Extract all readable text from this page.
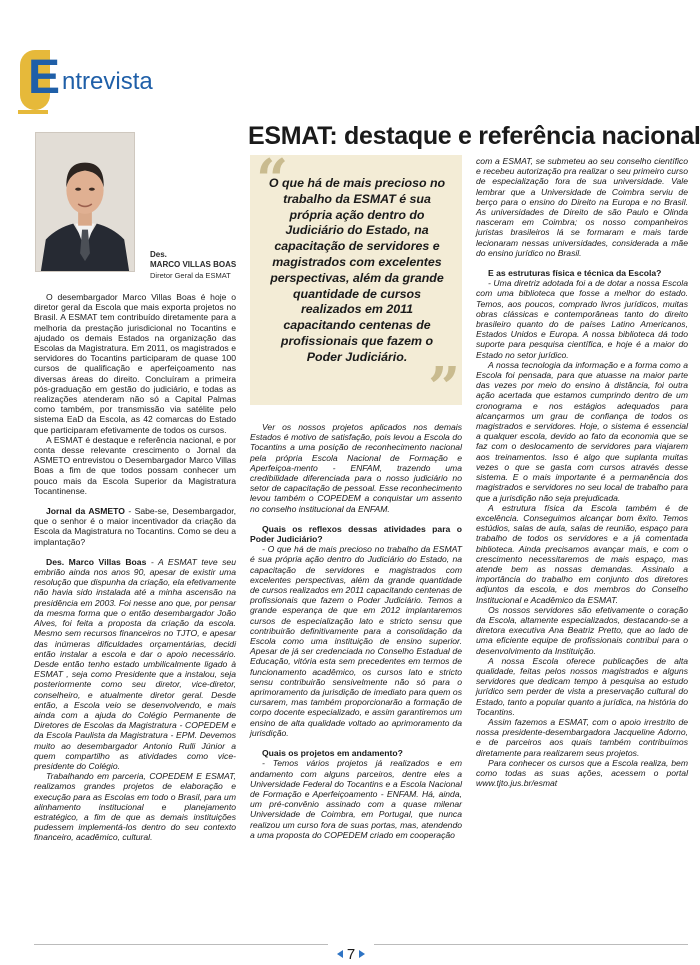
E ntrevista
ESMAT: destaque e referência nacional
Des.
MARCO VILLAS BOAS
Diretor Geral da ESMAT

O desembargador Marco Villas Boas é hoje o diretor geral da Escola que mais exporta projetos no Brasil. A ESMAT tem contribuído diretamente para a melhoria da prestação jurisdicional no Tocantins e ajudado os demais Estados na organização das Escolas da Magistratura. Em 2011, os magistrados e servidores do Tocantins participaram de quase 100 cursos de qualificação e aperfeiçoamento nas diversas áreas do direito. Concluíram a primeira pós-graduação em gestão do judiciário, e todas as realizações atenderam não só a Capital Palmas como também, por transmissão via satélite pelo sistema EaD da Escola, as 42 comarcas do Estado que participaram efetivamente de todos os cursos.

A ESMAT é destaque e referência nacional, e por conta desse relevante crescimento o Jornal da ASMETO entrevistou o Desembargador Marco Villas Boas a fim de que todos possam conhecer um pouco mais da Escola Superior da Magistratura Tocantinense.

Jornal da ASMETO - Sabe-se, Desembargador, que o senhor é o maior incentivador da criação da Escola da Magistratura no Tocantins. Como se deu a implantação?

Des. Marco Villas Boas - A ESMAT teve seu embrião ainda nos anos 90, apesar de existir uma resolução que dispunha da criação, ela efetivamente não havia sido instalada até a minha ascensão na presidência em 2003. Foi nesse ano que, por pensar da mesma forma que o então desembargador João Alves, foi feita a proposta da criação da escola. Mesmo sem recursos financeiros no TJTO, e apesar das inúmeras dificuldades orçamentárias, decidi então instalar a escola e dar o apoio necessário. Desde então tenho estado umbilicalmente ligado à ESMAT , seja como Presidente que a instalou, seja posteriormente como seu diretor, vice-diretor, conselheiro, e atualmente diretor geral. Desde então, a Escola veio se desenvolvendo, e mais ainda com a ajuda do Colégio Permanente de Diretores de Escolas da Magistratura - COPEDEM e da Escola Paulista da Magistratura - EPM. Devemos muito ao desembargador Antonio Rulli Júnior a quem compartilho as atividades como vice-presidente do Colégio.

Trabalhando em parceria, COPEDEM E ESMAT, realizamos grandes projetos de elaboração e execução para as Escolas em todo o Brasil, para um alinhamento institucional e planejamento estratégico, a fim de que as demais instituições pudessem implementá-los dentro do seu contexto financeiro, acadêmico, cultural.

“
O que há de mais precioso no trabalho da ESMAT é sua própria ação dentro do Judiciário do Estado, na capacitação de servidores e magistrados com excelentes perspectivas, além da grande quantidade de cursos realizados em 2011 capacitando centenas de profissionais que fazem o Poder Judiciário. ”

Ver os nossos projetos aplicados nos demais Estados é motivo de satisfação, pois levou a Escola do Tocantins a uma posição de reconhecimento nacional pela própria Escola Nacional de Formação e Aperfeiçoa-mento - ENFAM, trazendo uma credibilidade diferenciada para o nosso judiciário no setor de capacitação de pessoal. Esse reconhecimento levou também o COPEDEM a conquistar um assento no conselho institucional da ENFAM.

Quais os reflexos dessas atividades para o Poder Judiciário?

- O que há de mais precioso no trabalho da ESMAT é sua própria ação dentro do Judiciário do Estado, na capacitação de servidores e magistrados com excelentes perspectivas, além da grande quantidade de cursos realizados em 2011 capacitando centenas de profissionais que fazem o Poder Judiciário. Temos a grande esperança de que em 2012 implantaremos cursos de especialização lato e stricto sensu que contribuirão definitivamente para a consolidação da Escola como uma instituição de ensino superior. Apesar de já ser credenciada no Conselho Estadual de Educação, vitória esta sem precedentes em termos de funcionamento acadêmico, os cursos lato e stricto sensu contribuirão sensivelmente não só para o aprimoramento da jurisdição de imediato para quem os cursarem, mas também proporcionarão a formação de corpo docente especializado, e assim garantiremos um ensino de alta qualidade voltado ao aprimoramento da jurisdição.

Quais os projetos em andamento?

- Temos vários projetos já realizados e em andamento com alguns parceiros, dentre eles a Universidade Federal do Tocantins e a Escola Nacional de Formação e Aperfeiçoamento - ENFAM. Há, ainda, um pré-convênio assinado com a quase milenar Universidade de Coimbra, em Portugal, que nunca realizou um curso fora de suas portas, mas, atendendo a uma proposta do COPEDEM criado em cooperação

com a ESMAT, se submeteu ao seu conselho científico e recebeu autorização pra realizar o seu primeiro curso de especialização fora de sua universidade. Vale lembrar que a Universidade de Coimbra serviu de berço para o ensino do Direito na Europa e no Brasil. As universidades de Direito de são Paulo e Olinda nasceram em Coimbra; os nosso companheiros juristas brasileiros lá se formaram e mais tarde lecionaram nessas universidades, considerada a mãe do ensino jurídico no Brasil.

E as estruturas física e técnica da Escola?

- Uma diretriz adotada foi a de dotar a nossa Escola com uma biblioteca que fosse a melhor do estado. Temos, aos poucos, comprado livros jurídicos, muitas obras clássicas e contemporâneas tanto do direito brasileiro quanto do de países Latino Americanos, Estados Unidos e Europa. A nossa biblioteca dá todo suporte para pesquisa científica, e hoje é a maior do Estado no setor jurídico.

A nossa tecnologia da informação e a forma como a Escola foi pensada, para que atuasse na maior parte das vezes por meio do ensino à distância, foi outra ação acertada que estamos cumprindo dentro de um cronograma e nos estágios adequados para alcançarmos um grau de confiança de todos os magistrados e servidores. Hoje, o sistema é essencial a qualquer escola, devido ao fato da economia que se faz com o deslocamento de servidores para viajarem aos treinamentos. Isso é algo que suplanta muitas vezes o que se gasta com cursos através desse sistema. E o mais importante é a permanência dos magistrados e servidores no seu local de trabalho para que a jurisdição não seja prejudicada.

A estrutura física da Escola também é de excelência. Conseguimos alcançar bom êxito. Temos estúdios, salas de aula, salas de reunião, espaço para trabalho de todos os servidores e a já comentada biblioteca. Ainda precisamos avançar mais, e com o crescimento necessitaremos de mais espaço, mas atende bem as nossas demandas. Assinalo a importância do trabalho em conjunto dos diretores adjuntos da escola, e dos membros do Conselho Institucional e Acadêmico da ESMAT.

Os nossos servidores são efetivamente o coração da Escola, altamente especializados, destacando-se a diretora executiva Ana Beatriz Pretto, que ao lado de uma eficiente equipe de profissionais contribui para o desenvolvimento da Instituição.

A nossa Escola oferece publicações de alta qualidade, feitas pelos nossos magistrados e alguns servidores que dedicam tempo à pesquisa ao estudo jurídico sem perder de vista a preservação cultural do Estado, tanto a popular quanto a jurídica, na história do Tocantins.

Assim fazemos a ESMAT, com o apoio irrestrito de nossa presidente-desembargadora Jacqueline Adorno, e de parceiros aos quais também contribuímos diretamente para realizarem seus projetos.

Para conhecer os cursos que a Escola realiza, bem como todas as suas ações, acessem o portal www.tjto.jus.br/esmat

7
